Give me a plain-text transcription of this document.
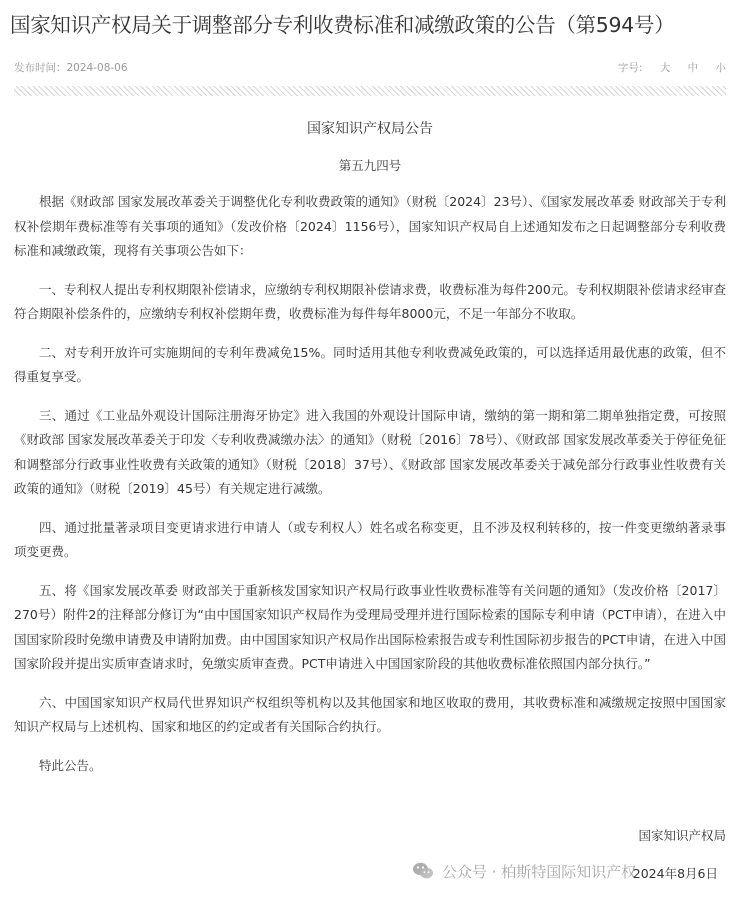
国家知识产权局关于调整部分专利收费标准和减缴政策的公告（第594号）
发布时间：2024-08-06	字号: 大 中 小
国家知识产权局公告
第五九四号

根据《财政部 国家发展改革委关于调整优化专利收费政策的通知》（财税〔2024〕23号）、《国家发展改革委 财政部关于专利权补偿期年费标准等有关事项的通知》（发改价格〔2024〕1156号），国家知识产权局自上述通知发布之日起调整部分专利收费标准和减缴政策，现将有关事项公告如下：

一、专利权人提出专利权期限补偿请求，应缴纳专利权期限补偿请求费，收费标准为每件200元。专利权期限补偿请求经审查符合期限补偿条件的，应缴纳专利权补偿期年费，收费标准为每件每年8000元，不足一年部分不收取。

二、对专利开放许可实施期间的专利年费减免15%。同时适用其他专利收费减免政策的，可以选择适用最优惠的政策，但不得重复享受。

三、通过《工业品外观设计国际注册海牙协定》进入我国的外观设计国际申请，缴纳的第一期和第二期单独指定费，可按照《财政部 国家发展改革委关于印发〈专利收费减缴办法〉的通知》（财税〔2016〕78号）、《财政部 国家发展改革委关于停征免征和调整部分行政事业性收费有关政策的通知》（财税〔2018〕37号）、《财政部 国家发展改革委关于减免部分行政事业性收费有关政策的通知》（财税〔2019〕45号）有关规定进行减缴。

四、通过批量著录项目变更请求进行申请人（或专利权人）姓名或名称变更，且不涉及权利转移的，按一件变更缴纳著录事项变更费。

五、将《国家发展改革委 财政部关于重新核发国家知识产权局行政事业性收费标准等有关问题的通知》（发改价格〔2017〕270号）附件2的注释部分修订为“由中国国家知识产权局作为受理局受理并进行国际检索的国际专利申请（PCT申请），在进入中国国家阶段时免缴申请费及申请附加费。由中国国家知识产权局作出国际检索报告或专利性国际初步报告的PCT申请，在进入中国国家阶段并提出实质审查请求时，免缴实质审查费。PCT申请进入中国国家阶段的其他收费标准依照国内部分执行。”

六、中国国家知识产权局代世界知识产权组织等机构以及其他国家和地区收取的费用，其收费标准和减缴规定按照中国国家知识产权局与上述机构、国家和地区的约定或者有关国际合约执行。

特此公告。

国家知识产权局
公众号 · 柏斯特国际知识产权
2024年8月6日
